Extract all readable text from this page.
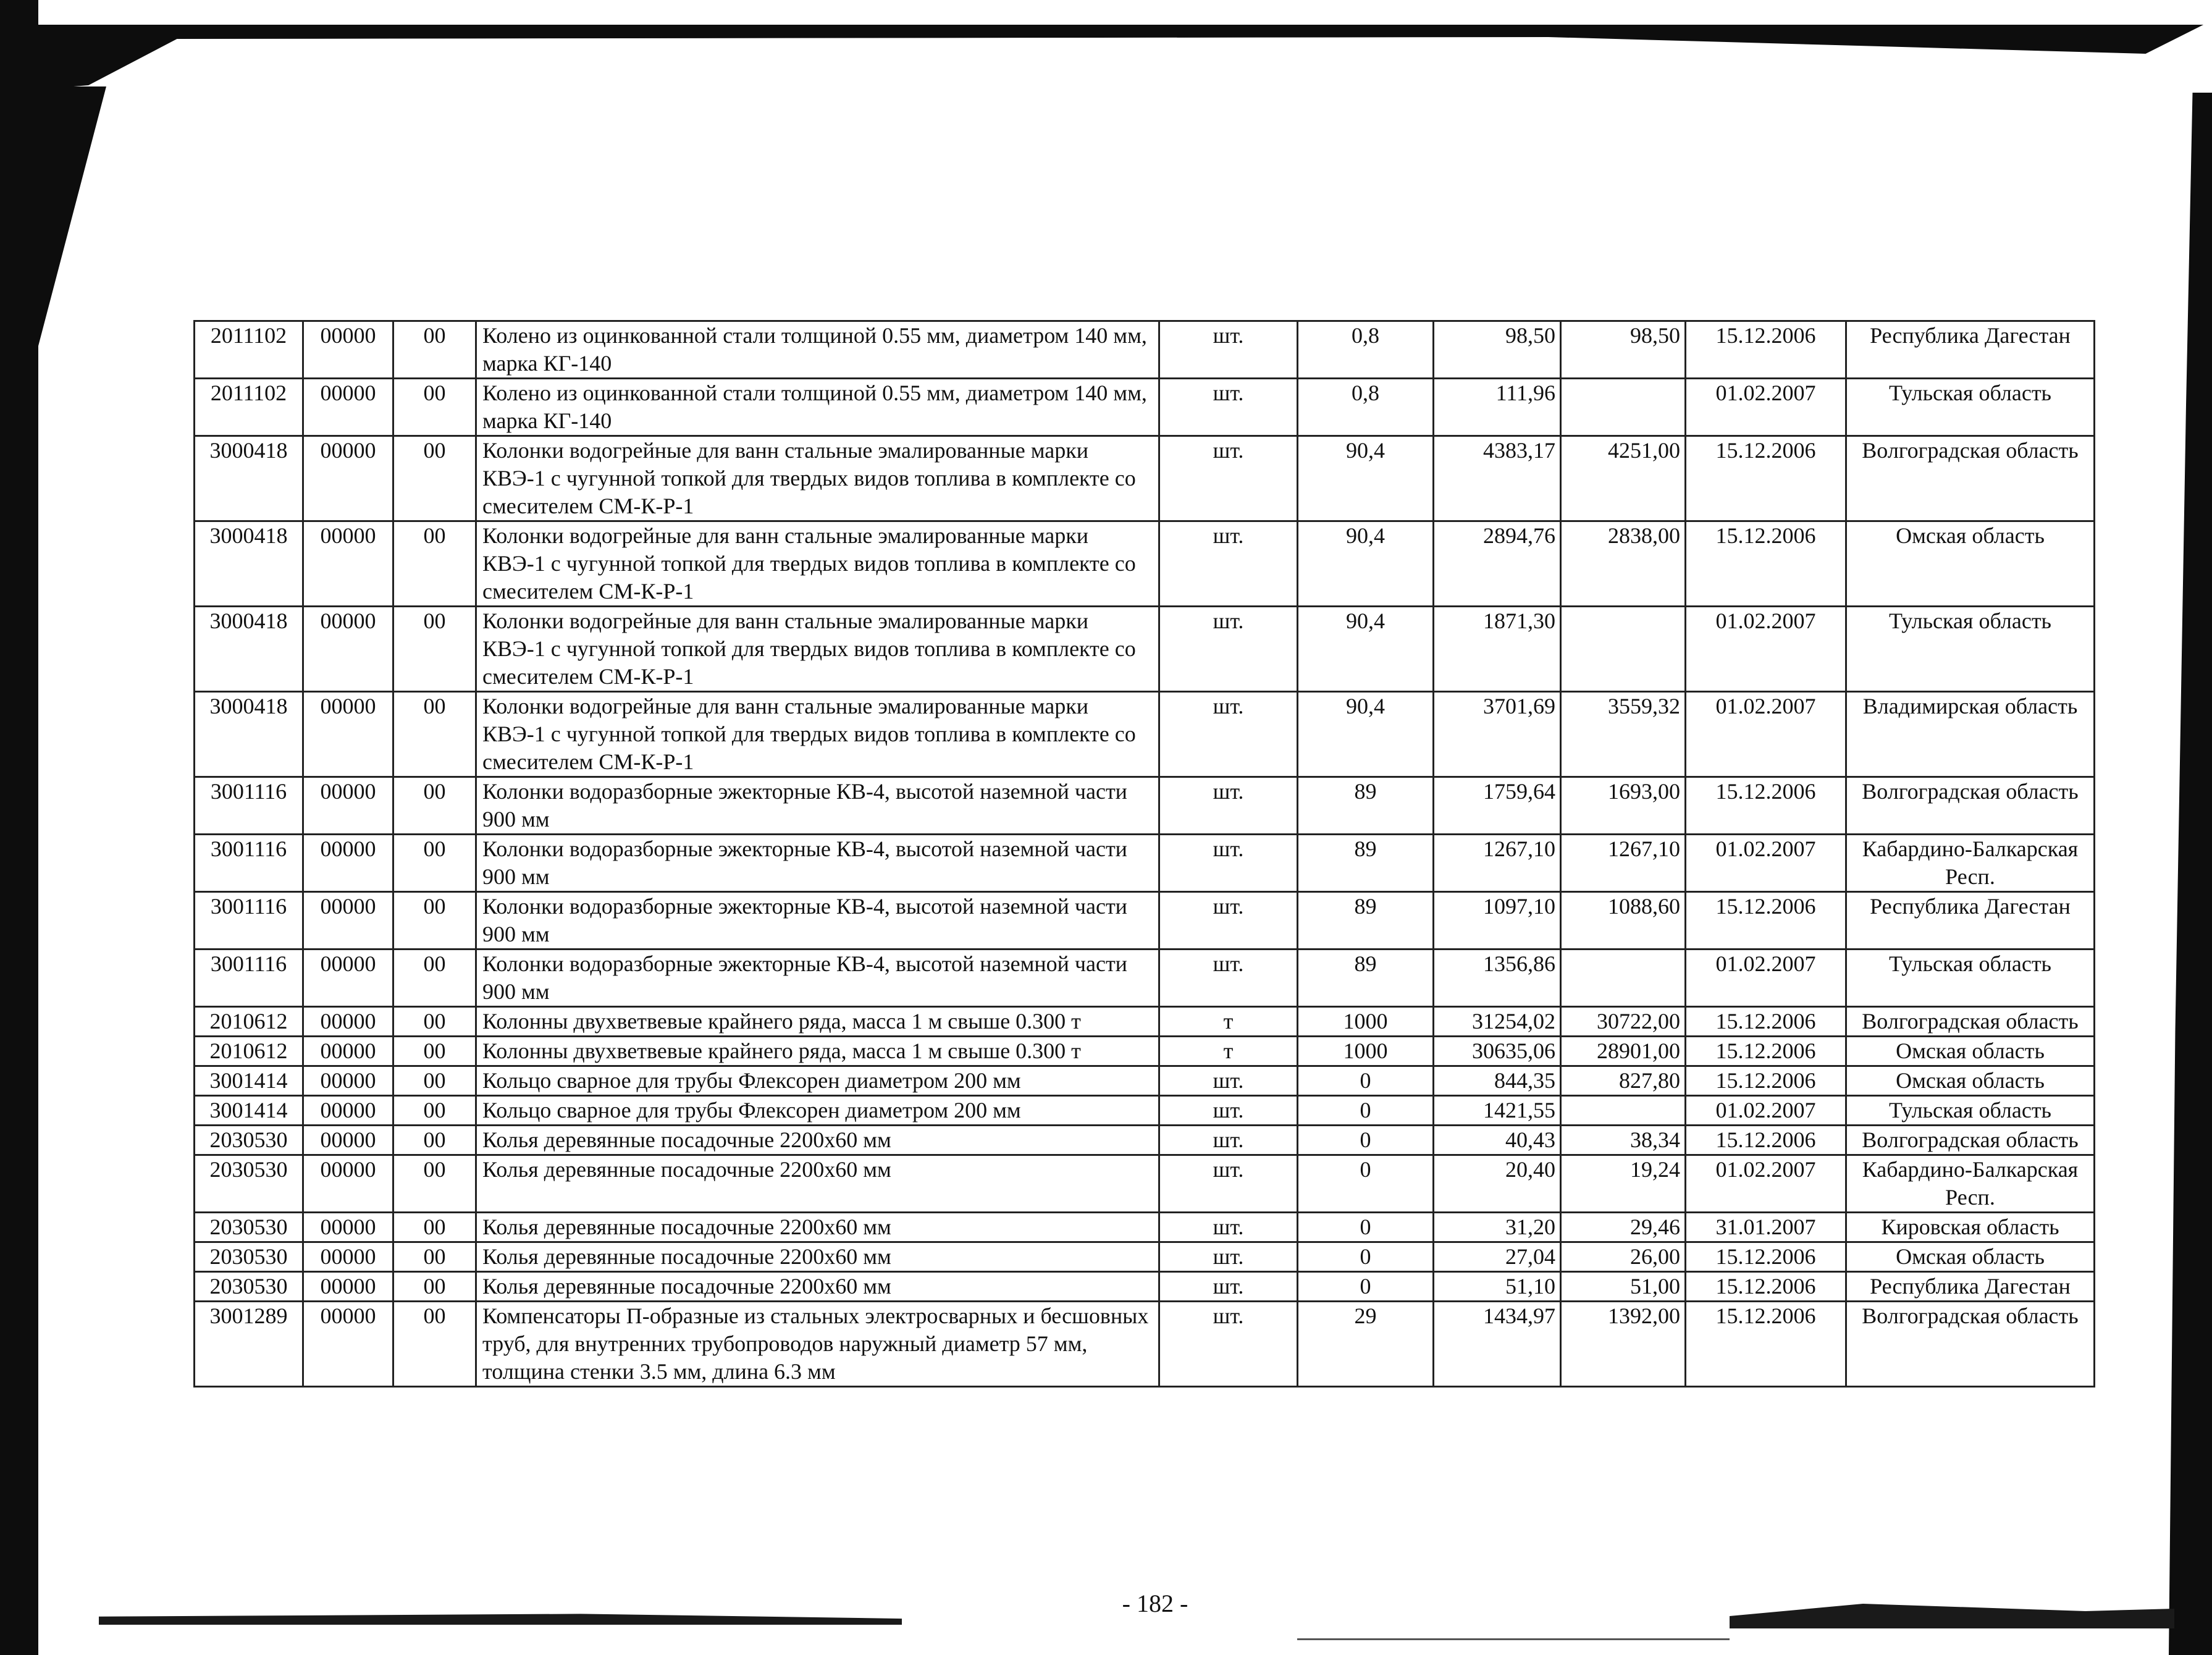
2011102	00000	00	Колено из оцинкованной стали толщиной 0.55 мм, диаметром 140 мм, марка КГ-140	шт.	0,8	98,50	98,50	15.12.2006	Республика Дагестан
2011102	00000	00	Колено из оцинкованной стали толщиной 0.55 мм, диаметром 140 мм, марка КГ-140	шт.	0,8	111,96		01.02.2007	Тульская область
3000418	00000	00	Колонки водогрейные для ванн стальные эмалированные марки КВЭ-1 с чугунной топкой для твердых видов топлива в комплекте со смесителем СМ-К-Р-1	шт.	90,4	4383,17	4251,00	15.12.2006	Волгоградская область
3000418	00000	00	Колонки водогрейные для ванн стальные эмалированные марки КВЭ-1 с чугунной топкой для твердых видов топлива в комплекте со смесителем СМ-К-Р-1	шт.	90,4	2894,76	2838,00	15.12.2006	Омская область
3000418	00000	00	Колонки водогрейные для ванн стальные эмалированные марки КВЭ-1 с чугунной топкой для твердых видов топлива в комплекте со смесителем СМ-К-Р-1	шт.	90,4	1871,30		01.02.2007	Тульская область
3000418	00000	00	Колонки водогрейные для ванн стальные эмалированные марки КВЭ-1 с чугунной топкой для твердых видов топлива в комплекте со смесителем СМ-К-Р-1	шт.	90,4	3701,69	3559,32	01.02.2007	Владимирская область
3001116	00000	00	Колонки водоразборные эжекторные КВ-4, высотой наземной части 900 мм	шт.	89	1759,64	1693,00	15.12.2006	Волгоградская область
3001116	00000	00	Колонки водоразборные эжекторные КВ-4, высотой наземной части 900 мм	шт.	89	1267,10	1267,10	01.02.2007	Кабардино-Балкарская Респ.
3001116	00000	00	Колонки водоразборные эжекторные КВ-4, высотой наземной части 900 мм	шт.	89	1097,10	1088,60	15.12.2006	Республика Дагестан
3001116	00000	00	Колонки водоразборные эжекторные КВ-4, высотой наземной части 900 мм	шт.	89	1356,86		01.02.2007	Тульская область
2010612	00000	00	Колонны двухветвевые крайнего ряда, масса 1 м свыше 0.300 т	т	1000	31254,02	30722,00	15.12.2006	Волгоградская область
2010612	00000	00	Колонны двухветвевые крайнего ряда, масса 1 м свыше 0.300 т	т	1000	30635,06	28901,00	15.12.2006	Омская область
3001414	00000	00	Кольцо сварное для трубы Флексорен диаметром 200 мм	шт.	0	844,35	827,80	15.12.2006	Омская область
3001414	00000	00	Кольцо сварное для трубы Флексорен диаметром 200 мм	шт.	0	1421,55		01.02.2007	Тульская область
2030530	00000	00	Колья деревянные посадочные 2200х60 мм	шт.	0	40,43	38,34	15.12.2006	Волгоградская область
2030530	00000	00	Колья деревянные посадочные 2200х60 мм	шт.	0	20,40	19,24	01.02.2007	Кабардино-Балкарская Респ.
2030530	00000	00	Колья деревянные посадочные 2200х60 мм	шт.	0	31,20	29,46	31.01.2007	Кировская область
2030530	00000	00	Колья деревянные посадочные 2200х60 мм	шт.	0	27,04	26,00	15.12.2006	Омская область
2030530	00000	00	Колья деревянные посадочные 2200х60 мм	шт.	0	51,10	51,00	15.12.2006	Республика Дагестан
3001289	00000	00	Компенсаторы П-образные из стальных электросварных и бесшовных труб, для внутренних трубопроводов наружный диаметр 57 мм, толщина стенки 3.5 мм, длина 6.3 мм	шт.	29	1434,97	1392,00	15.12.2006	Волгоградская область
- 182 -
